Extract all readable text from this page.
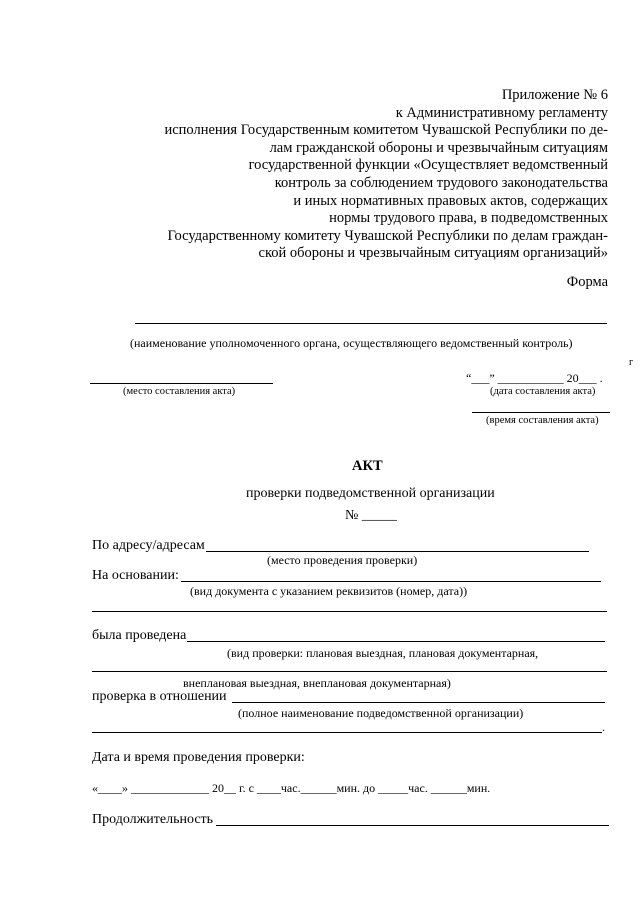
Приложение № 6
к Административному регламенту
исполнения Государственным комитетом Чувашской Республики по де-
лам гражданской обороны и чрезвычайным ситуациям
государственной функции «Осуществляет ведомственный
контроль за соблюдением трудового законодательства
и иных нормативных правовых актов, содержащих
нормы трудового права, в подведомственных
Государственному комитету Чувашской Республики по делам граждан-
ской обороны и чрезвычайным ситуациям организаций»
Форма
(наименование уполномоченного органа, осуществляющего ведомственный контроль)
г
(место составления акта)
“___” ___________ 20___ .
(дата составления акта)
(время составления акта)
АКТ
проверки подведомственной организации
№ _____
По адресу/адресам
(место проведения проверки)
На основании:
(вид документа с указанием реквизитов (номер, дата))
была проведена
(вид проверки: плановая выездная, плановая документарная,
внеплановая выездная, внеплановая документарная)
проверка в отношении
(полное наименование подведомственной организации)
.
Дата и время проведения проверки:
«____» _____________ 20__ г. с ____час.______мин. до _____час. ______мин.
Продолжительность
